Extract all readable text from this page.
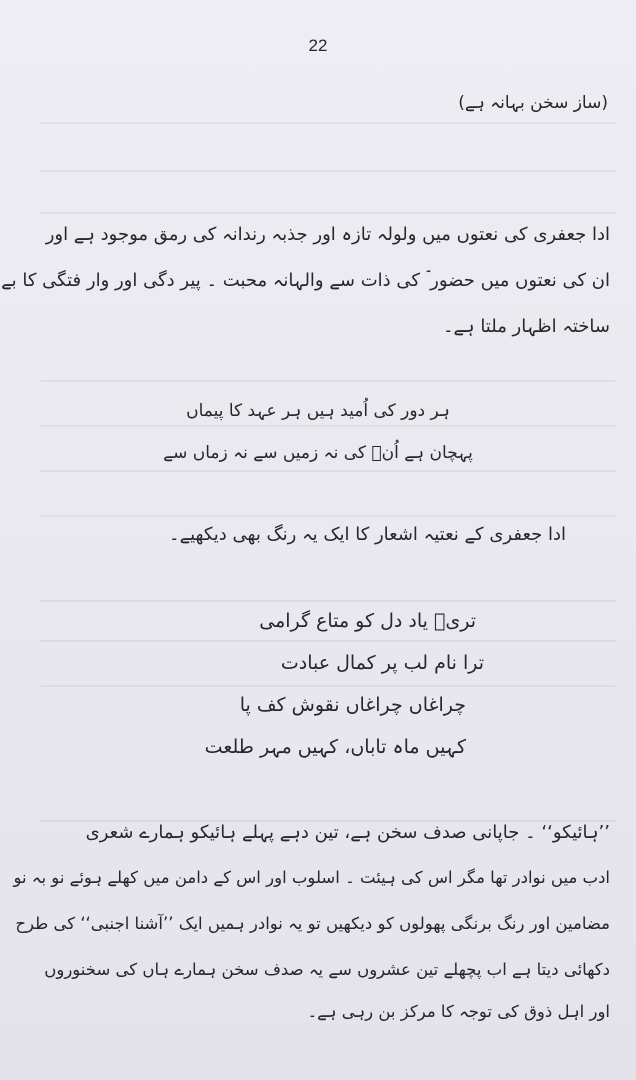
22
(ساز سخن بہانہ ہے)
ادا جعفری کی نعتوں میں ولولہ تازہ اور جذبہ رندانہ کی رمق موجود ہے اور
ان کی نعتوں میں حضور ؐ کی ذات سے والہانہ محبت ۔ پیر دگی اور وار فتگی کا بے
ساختہ اظہار ملتا ہے۔
ہر دور کی اُمید ہیں ہر عہد کا پیماں
پہچان ہے اُنؐ کی نہ زمیں سے نہ زماں سے
ادا جعفری کے نعتیہ اشعار کا ایک یہ رنگ بھی دیکھیے۔
تریؐ یاد دل کو متاع گرامی
ترا نام لب پر کمال عبادت
چراغاں چراغاں نقوش کف پا
کہیں ماہ تاباں، کہیں مہر طلعت
’’ہائیکو‘‘ ۔ جاپانی صدف سخن ہے، تین دہے پہلے ہائیکو ہمارے شعری
ادب میں نوادر تھا مگر اس کی ہیئت ۔ اسلوب اور اس کے دامن میں کھلے ہوئے نو بہ نو
مضامین اور رنگ برنگی پھولوں کو دیکھیں تو یہ نوادر ہمیں ایک ’’آشنا اجنبی‘‘ کی طرح
دکھائی دیتا ہے اب پچھلے تین عشروں سے یہ صدف سخن ہمارے ہاں کی سخنوروں
اور اہل ذوق کی توجہ کا مرکز بن رہی ہے۔
